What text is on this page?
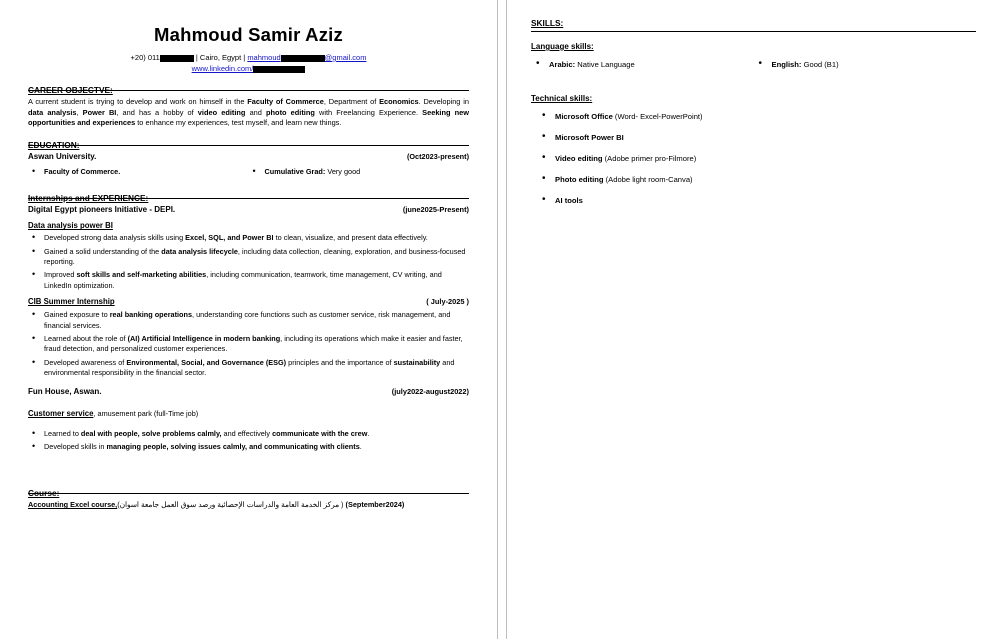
Mahmoud Samir Aziz
+20) 011	| Cairo, Egypt | mahmoud	@gmail.com
www.linkedin.com/
CAREER OBJECTVE:

A current student is trying to develop and work on himself in the Faculty of Commerce, Department of Economics. Developing in data analysis, Power BI, and has a hobby of video editing and photo editing with Freelancing Experience. Seeking new opportunities and experiences to enhance my experiences, test myself, and learn new things.

EDUCATION:
Aswan University.	(Oct2023-present)
• Faculty of Commerce.	• Cumulative Grad: Very good
Internships and EXPERIENCE:
Digital Egypt pioneers Initiative - DEPI.	(june2025-Present)
Data analysis power BI
• Developed strong data analysis skills using Excel, SQL, and Power BI to clean, visualize, and present data effectively.
• Gained a solid understanding of the data analysis lifecycle, including data collection, cleaning, exploration, and business-focused reporting.
• Improved soft skills and self-marketing abilities, including communication, teamwork, time management, CV writing, and LinkedIn optimization.
CIB Summer Internship	( July-2025 )
• Gained exposure to real banking operations, understanding core functions such as customer service, risk management, and financial services.
• Learned about the role of (AI) Artificial Intelligence in modern banking, including its operations which make it easier and faster, fraud detection, and personalized customer experiences.
• Developed awareness of Environmental, Social, and Governance (ESG) principles and the importance of sustainability and environmental responsibility in the financial sector.
Fun House, Aswan.	(july2022-august2022)
Customer service, amusement park (full-Time job)
• Learned to deal with people, solve problems calmly, and effectively communicate with the crew.
• Developed skills in managing people, solving issues calmly, and communicating with clients.
Course:
Accounting Excel course,( مركز الخدمة العامة والدراسات الإحصائية ورصد سوق العمل جامعة اسوان) (September2024)
SKILLS:
Language skills:
• Arabic: Native Language	• English: Good (B1)
Technical skills:
• Microsoft Office (Word- Excel-PowerPoint)
• Microsoft Power BI
• Video editing (Adobe primer pro-Filmore)
• Photo editing (Adobe light room-Canva)
• AI tools
